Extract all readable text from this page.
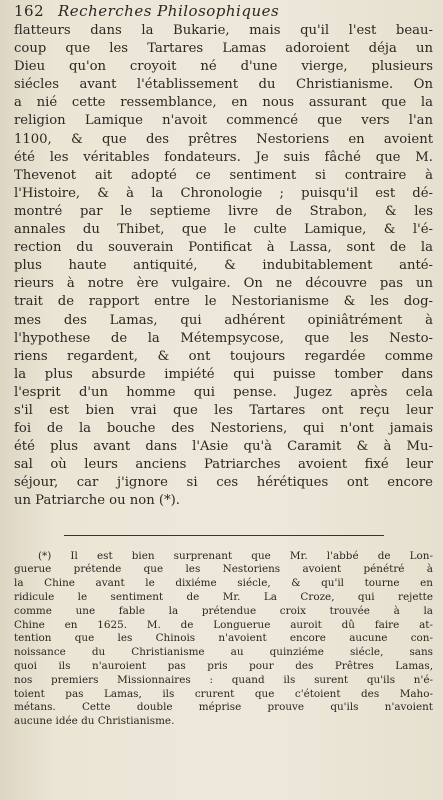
162 Recherches Philosophiques
flatteurs dans la Bukarie, mais qu'il l'est beau-
coup que les Tartares Lamas adoroient déja un
Dieu qu'on croyoit né d'une vierge, plusieurs
siécles avant l'établissement du Christianisme. On
a nié cette ressemblance, en nous assurant que la
religion Lamique n'avoit commencé que vers l'an
1100, & que des prêtres Nestoriens en avoient
été les véritables fondateurs. Je suis fâché que M.
Thevenot ait adopté ce sentiment si contraire à
l'Histoire, & à la Chronologie ; puisqu'il est dé-
montré par le septieme livre de Strabon, & les
annales du Thibet, que le culte Lamique, & l'é-
rection du souverain Pontificat à Lassa, sont de la
plus haute antiquité, & indubitablement anté-
rieurs à notre ère vulgaire. On ne découvre pas un
trait de rapport entre le Nestorianisme & les dog-
mes des Lamas, qui adhérent opiniâtrément à
l'hypothese de la Métempsycose, que les Nesto-
riens regardent, & ont toujours regardée comme
la plus absurde impiété qui puisse tomber dans
l'esprit d'un homme qui pense. Jugez après cela
s'il est bien vrai que les Tartares ont reçu leur
foi de la bouche des Nestoriens, qui n'ont jamais
été plus avant dans l'Asie qu'à Caramit & à Mu-
sal où leurs anciens Patriarches avoient fixé leur
séjour, car j'ignore si ces hérétiques ont encore
un Patriarche ou non (*).
(*) Il est bien surprenant que Mr. l'abbé de Lon-
guerue prétende que les Nestoriens avoient pénétré à
la Chine avant le dixiéme siécle, & qu'il tourne en
ridicule le sentiment de Mr. La Croze, qui rejette
comme une fable la prétendue croix trouvée à la
Chine en 1625. M. de Longuerue auroit dû faire at-
tention que les Chinois n'avoient encore aucune con-
noissance du Christianisme au quinziéme siécle, sans
quoi ils n'auroient pas pris pour des Prêtres Lamas,
nos premiers Missionnaires : quand ils surent qu'ils n'é-
toient pas Lamas, ils crurent que c'étoient des Maho-
métans. Cette double méprise prouve qu'ils n'avoient
aucune idée du Christianisme.
